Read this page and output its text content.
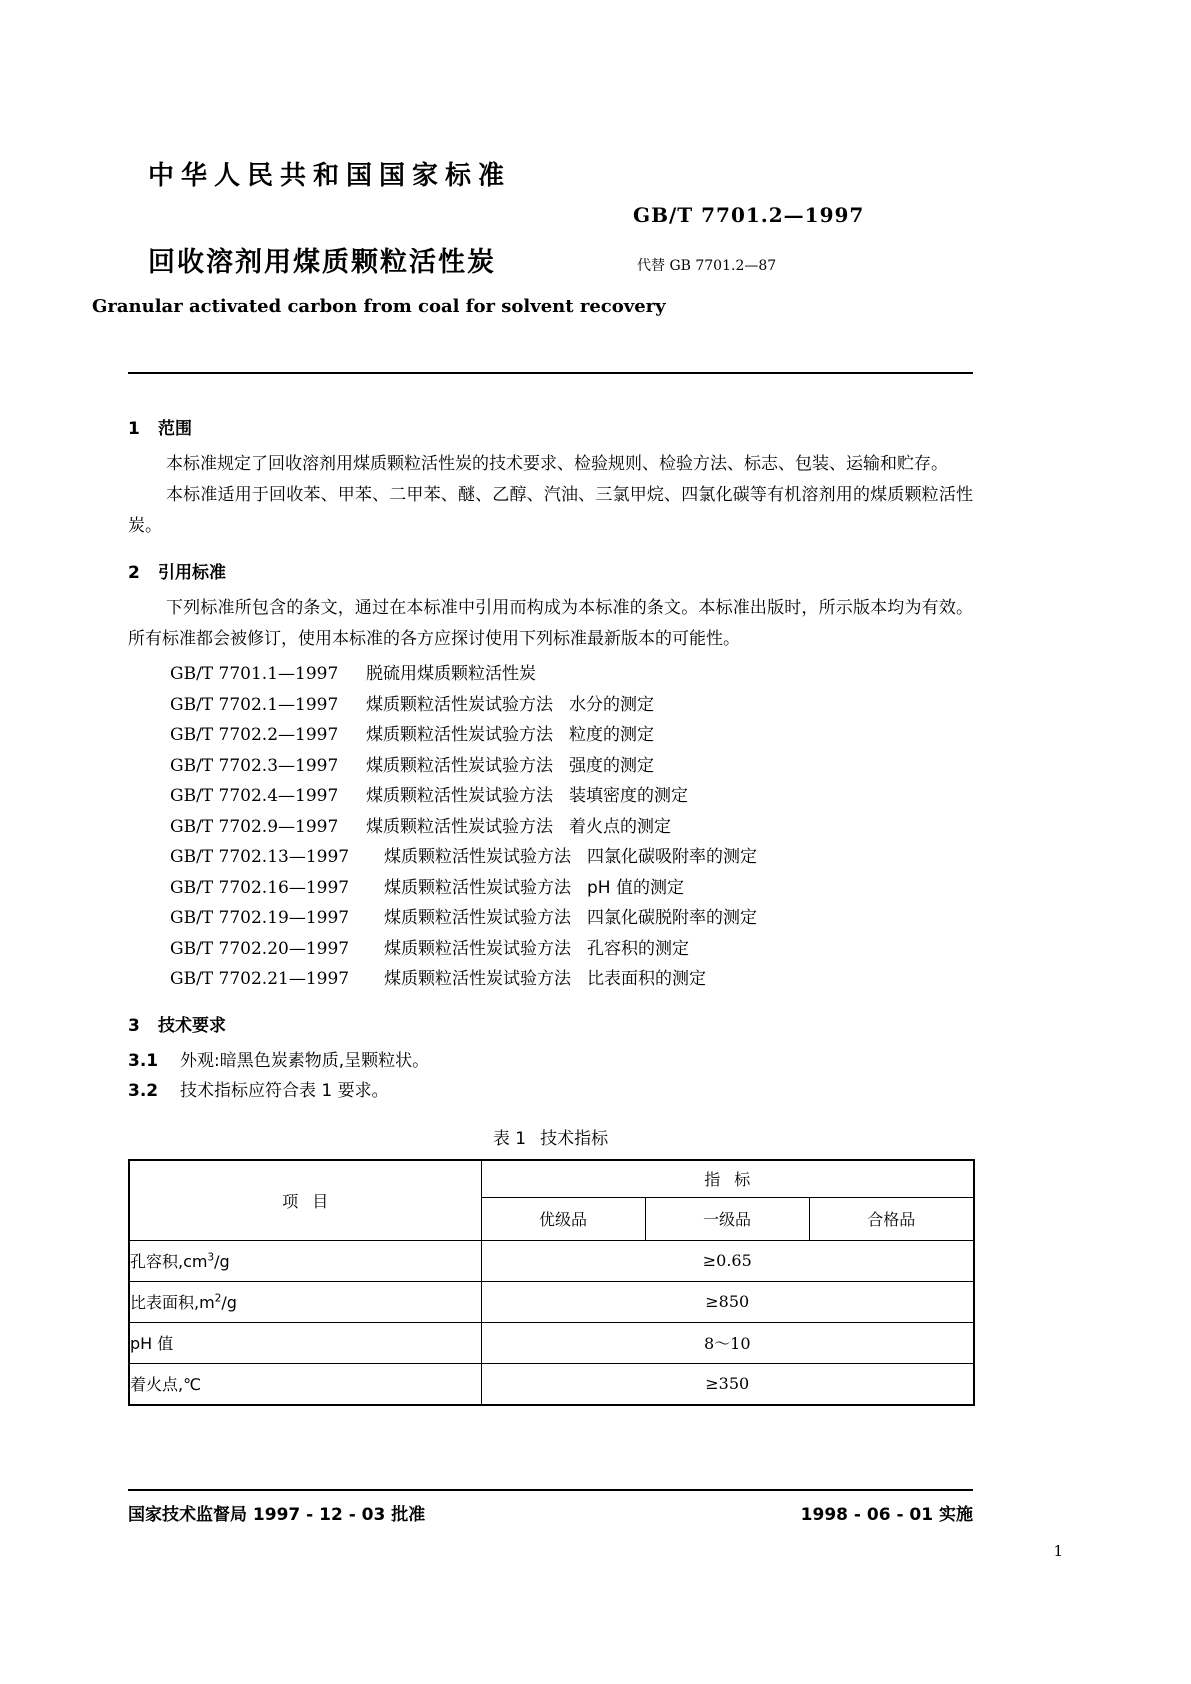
中华人民共和国国家标准
GB/T 7701.2—1997
回收溶剂用煤质颗粒活性炭	代替 GB 7701.2—87
Granular activated carbon from coal for solvent recovery
1 范围

本标准规定了回收溶剂用煤质颗粒活性炭的技术要求、检验规则、检验方法、标志、包装、运输和贮存。

本标准适用于回收苯、甲苯、二甲苯、醚、乙醇、汽油、三氯甲烷、四氯化碳等有机溶剂用的煤质颗粒活性炭。

2 引用标准

下列标准所包含的条文，通过在本标准中引用而构成为本标准的条文。本标准出版时，所示版本均为有效。所有标准都会被修订，使用本标准的各方应探讨使用下列标准最新版本的可能性。

GB/T 7701.1—1997 脱硫用煤质颗粒活性炭
GB/T 7702.1—1997 煤质颗粒活性炭试验方法 水分的测定
GB/T 7702.2—1997 煤质颗粒活性炭试验方法 粒度的测定
GB/T 7702.3—1997 煤质颗粒活性炭试验方法 强度的测定
GB/T 7702.4—1997 煤质颗粒活性炭试验方法 装填密度的测定
GB/T 7702.9—1997 煤质颗粒活性炭试验方法 着火点的测定
GB/T 7702.13—1997 煤质颗粒活性炭试验方法 四氯化碳吸附率的测定
GB/T 7702.16—1997 煤质颗粒活性炭试验方法 pH 值的测定
GB/T 7702.19—1997 煤质颗粒活性炭试验方法 四氯化碳脱附率的测定
GB/T 7702.20—1997 煤质颗粒活性炭试验方法 孔容积的测定
GB/T 7702.21—1997 煤质颗粒活性炭试验方法 比表面积的测定
3 技术要求

3.1 外观:暗黑色炭素物质,呈颗粒状。

3.2 技术指标应符合表 1 要求。

表 1 技术指标
项目	指标		
	优级品	一级品	合格品
孔容积$,cm^3/g$	≥0.65		
比表面积$,m^2/g$	≥850		
pH 值	8～10		
着火点,℃	≥350		
国家技术监督局 1997 - 12 - 03 批准	1998 - 06 - 01 实施
1
